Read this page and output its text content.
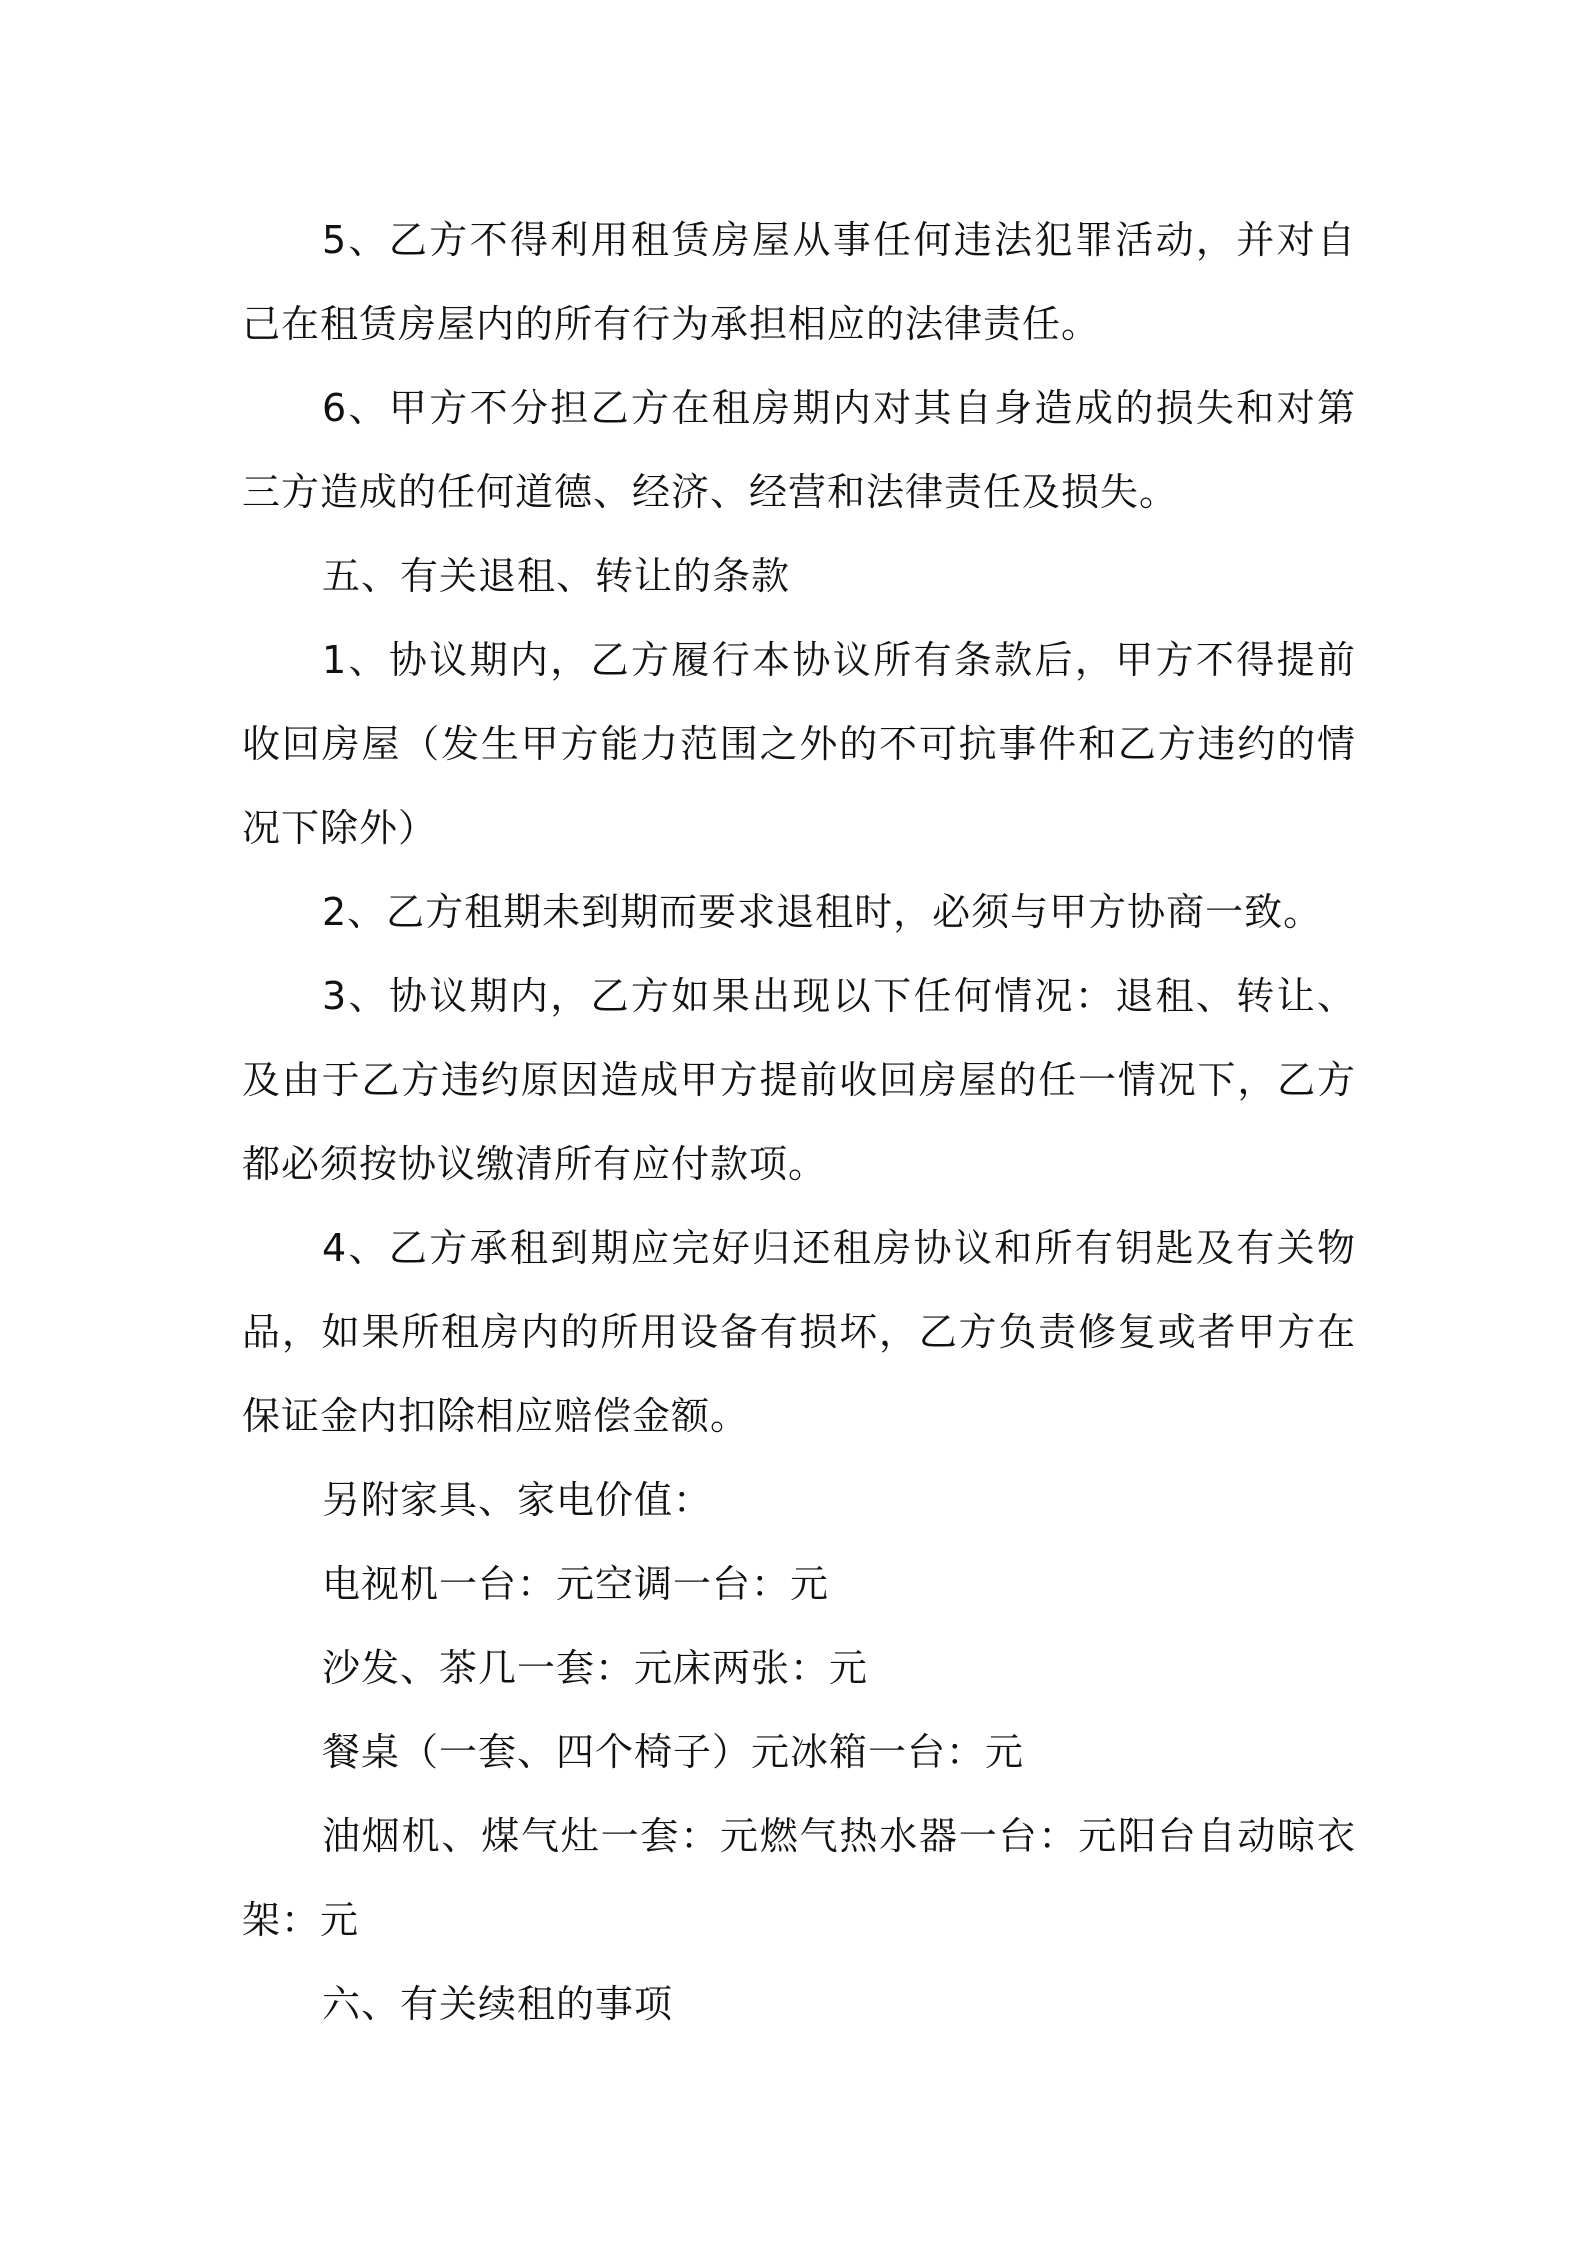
5、乙方不得利用租赁房屋从事任何违法犯罪活动，并对自己在租赁房屋内的所有行为承担相应的法律责任。

6、甲方不分担乙方在租房期内对其自身造成的损失和对第三方造成的任何道德、经济、经营和法律责任及损失。

五、有关退租、转让的条款

1、协议期内，乙方履行本协议所有条款后，甲方不得提前收回房屋（发生甲方能力范围之外的不可抗事件和乙方违约的情况下除外）

2、乙方租期未到期而要求退租时，必须与甲方协商一致。

3、协议期内，乙方如果出现以下任何情况：退租、转让、及由于乙方违约原因造成甲方提前收回房屋的任一情况下，乙方都必须按协议缴清所有应付款项。

4、乙方承租到期应完好归还租房协议和所有钥匙及有关物品，如果所租房内的所用设备有损坏，乙方负责修复或者甲方在保证金内扣除相应赔偿金额。

另附家具、家电价值：

电视机一台：元空调一台：元

沙发、茶几一套：元床两张：元

餐桌（一套、四个椅子）元冰箱一台：元

油烟机、煤气灶一套：元燃气热水器一台：元阳台自动晾衣架：元

六、有关续租的事项
